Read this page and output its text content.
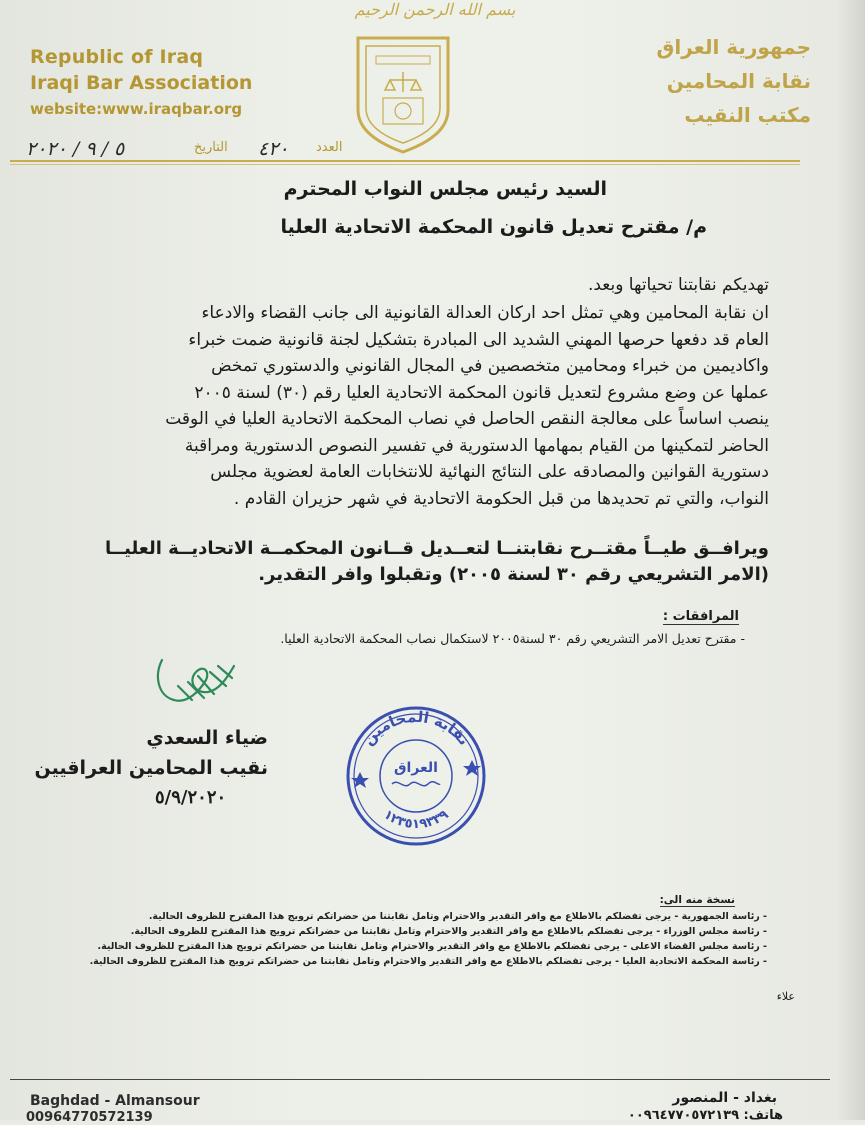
بسم الله الرحمن الرحيم
Republic of Iraq
Iraqi Bar Association
website:www.iraqbar.org
جمهورية العراق
نقابة المحامين
مكتب النقيب
٥ / ٩ / ٢٠٢٠	التاريخ ٤٢٠ العدد
السيد رئيس مجلس النواب المحترم
م/ مقترح تعديل قانون المحكمة الاتحادية العليا
تهديكم نقابتنا تحياتها وبعد.

ان نقابة المحامين وهي تمثل احد اركان العدالة القانونية الى جانب القضاء والادعاء

العام قد دفعها حرصها المهني الشديد الى المبادرة بتشكيل لجنة قانونية ضمت خبراء

واكاديمين من خبراء ومحامين متخصصين في المجال القانوني والدستوري تمخض

عملها عن وضع مشروع لتعديل قانون المحكمة الاتحادية العليا رقم (٣٠) لسنة ٢٠٠٥

ينصب اساساً على معالجة النقص الحاصل في نصاب المحكمة الاتحادية العليا في الوقت

الحاضر لتمكينها من القيام بمهامها الدستورية في تفسير النصوص الدستورية ومراقبة

دستورية القوانين والمصادقه على النتائج النهائية للانتخابات العامة لعضوية مجلس

النواب، والتي تم تحديدها من قبل الحكومة الاتحادية في شهر حزيران القادم .

ويرافــق طيــاً مقتــرح نقابتنــا لتعــديل قــانون المحكمــة الاتحاديــة العليــا
(الامر التشريعي رقم ٣٠ لسنة ٢٠٠٥) وتقبلوا وافر التقدير.
المرافقات :
- مقترح تعديل الامر التشريعي رقم ٣٠ لسنة٢٠٠٥ لاستكمال نصاب المحكمة الاتحادية العليا.
ضياء السعدي
نقيب المحامين العراقيين
٥/٩/٢٠٢٠
نقابة المحامين
١٢٣٥١٩٣٣٩
العراق
نسخة منه الى:
- رئاسة الجمهورية - يرجى تفضلكم بالاطلاع مع وافر التقدير والاحترام وتامل نقابتنا من حضراتكم ترويج هذا المقترح للظروف الحالية.
- رئاسة مجلس الوزراء - يرجى تفضلكم بالاطلاع مع وافر التقدير والاحترام وتامل نقابتنا من حضراتكم ترويج هذا المقترح للظروف الحالية.
- رئاسة مجلس القضاء الاعلى - يرجى تفضلكم بالاطلاع مع وافر التقدير والاحترام وتامل نقابتنا من حضراتكم ترويج هذا المقترح للظروف الحالية.
- رئاسة المحكمة الاتحادية العليا - يرجى تفضلكم بالاطلاع مع وافر التقدير والاحترام وتامل نقابتنا من حضراتكم ترويج هذا المقترح للظروف الحالية.
علاء
Baghdad - Almansour
00964770572139
بغداد - المنصور
هاتف: ٠٠٩٦٤٧٧٠٥٧٢١٣٩
